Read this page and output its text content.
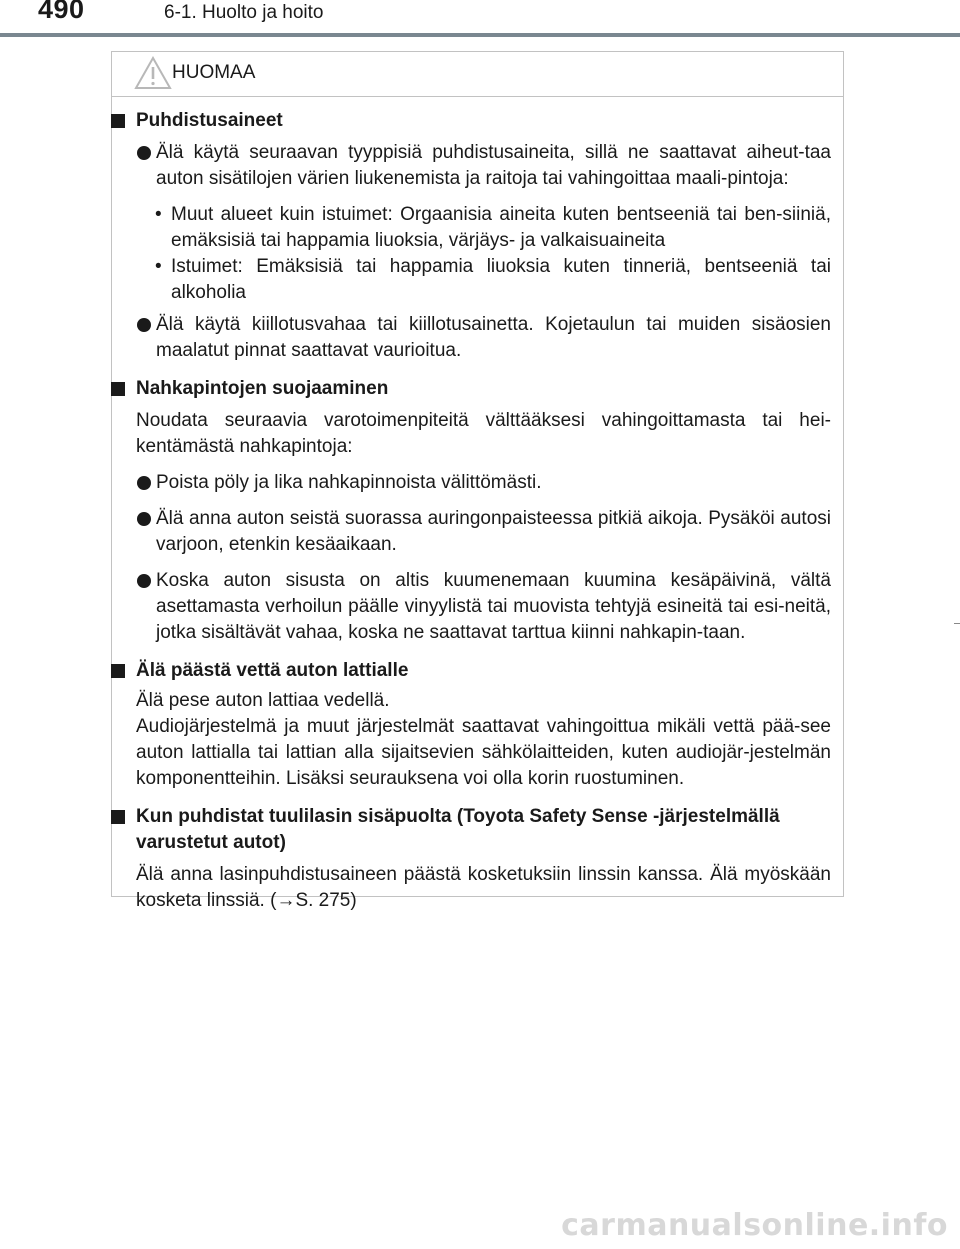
490	6-1. Huolto ja hoito
HUOMAA

Puhdistusaineet

Älä käytä seuraavan tyyppisiä puhdistusaineita, sillä ne saattavat aiheut-taa auton sisätilojen värien liukenemista ja raitoja tai vahingoittaa maali-pintoja:

• Muut alueet kuin istuimet: Orgaanisia aineita kuten bentseeniä tai ben-siiniä, emäksisiä tai happamia liuoksia, värjäys- ja valkaisuaineita

• Istuimet: Emäksisiä tai happamia liuoksia kuten tinneriä, bentseeniä tai alkoholia

Älä käytä kiillotusvahaa tai kiillotusainetta. Kojetaulun tai muiden sisäosien maalatut pinnat saattavat vaurioitua.

Nahkapintojen suojaaminen

Noudata seuraavia varotoimenpiteitä välttääksesi vahingoittamasta tai hei-kentämästä nahkapintoja:

Poista pöly ja lika nahkapinnoista välittömästi.

Älä anna auton seistä suorassa auringonpaisteessa pitkiä aikoja. Pysäköi autosi varjoon, etenkin kesäaikaan.

Koska auton sisusta on altis kuumenemaan kuumina kesäpäivinä, vältä asettamasta verhoilun päälle vinyylistä tai muovista tehtyjä esineitä tai esi-neitä, jotka sisältävät vahaa, koska ne saattavat tarttua kiinni nahkapin-taan.

Älä päästä vettä auton lattialle

Älä pese auton lattiaa vedellä.

Audiojärjestelmä ja muut järjestelmät saattavat vahingoittua mikäli vettä pää-see auton lattialla tai lattian alla sijaitsevien sähkölaitteiden, kuten audiojär-jestelmän komponentteihin. Lisäksi seurauksena voi olla korin ruostuminen.

Kun puhdistat tuulilasin sisäpuolta (Toyota Safety Sense -järjestelmällä varustetut autot)

Älä anna lasinpuhdistusaineen päästä kosketuksiin linssin kanssa. Älä myöskään kosketa linssiä. (→S. 275)

carmanualsonline.info
